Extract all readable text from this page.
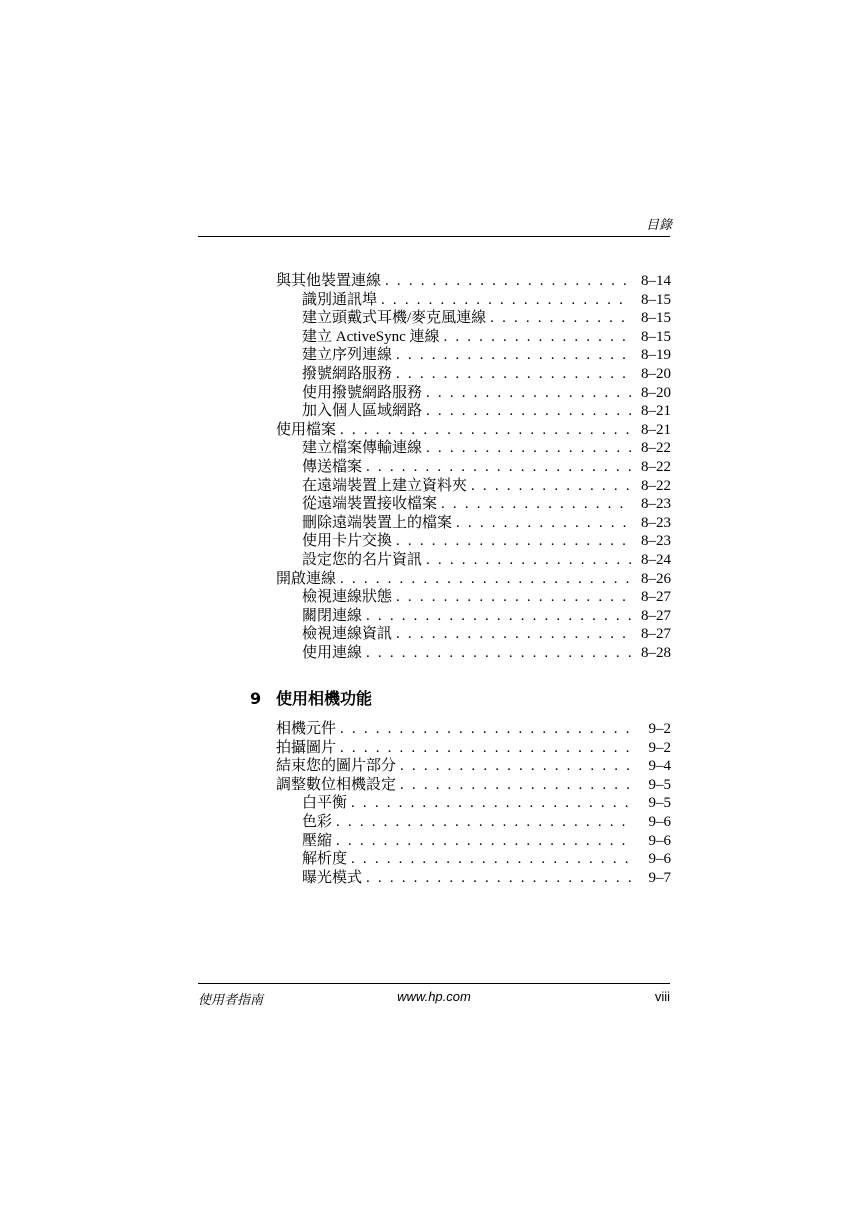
目錄
與其他裝置連線 . . .	8–14
識別通訊埠 . . .	8–15
建立頭戴式耳機/麥克風連線 . . .	8–15
建立 ActiveSync 連線 . . .	8–15
建立序列連線 . . .	8–19
撥號網路服務 . . .	8–20
使用撥號網路服務 . . .	8–20
加入個人區域網路 . . .	8–21
使用檔案 . . .	8–21
建立檔案傳輸連線 . . .	8–22
傳送檔案 . . .	8–22
在遠端裝置上建立資料夾 . . .	8–22
從遠端裝置接收檔案 . . .	8–23
刪除遠端裝置上的檔案 . . .	8–23
使用卡片交換 . . .	8–23
設定您的名片資訊 . . .	8–24
開啟連線 . . .	8–26
檢視連線狀態 . . .	8–27
關閉連線 . . .	8–27
檢視連線資訊 . . .	8–27
使用連線 . . .	8–28
9 使用相機功能
相機元件 . . .	9–2
拍攝圖片 . . .	9–2
結束您的圖片部分 . . .	9–4
調整數位相機設定 . . .	9–5
白平衡 . . .	9–5
色彩 . . .	9–6
壓縮 . . .	9–6
解析度 . . .	9–6
曝光模式 . . .	9–7
使用者指南	www.hp.com	viii
